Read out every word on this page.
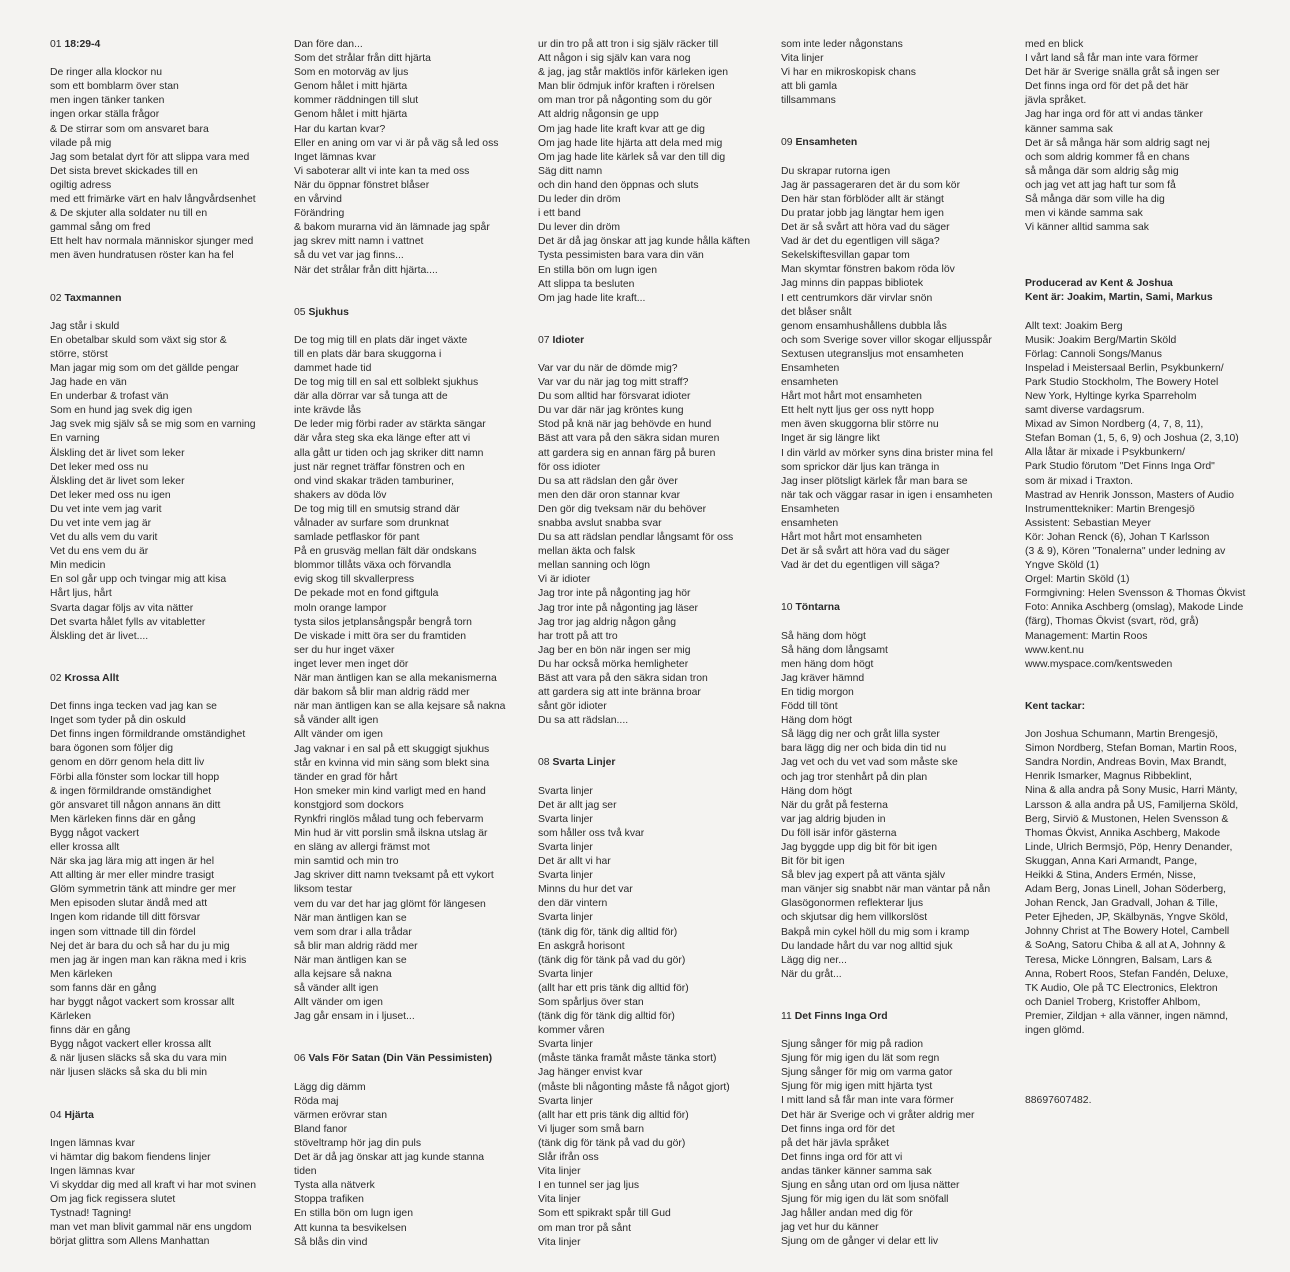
01 18:29-4
De ringer alla klockor nu
som ett bomblarm över stan
men ingen tänker tanken
ingen orkar ställa frågor
& De stirrar som om ansvaret bara
vilade på mig
Jag som betalat dyrt för att slippa vara med
Det sista brevet skickades till en
ogiltig adress
med ett frimärke värt en halv långvårdsenhet
& De skjuter alla soldater nu till en
gammal sång om fred
Ett helt hav normala människor sjunger med
men även hundratusen röster kan ha fel
02 Taxmannen
Jag står i skuld
En obetalbar skuld som växt sig stor &
större, störst
Man jagar mig som om det gällde pengar
Jag hade en vän
En underbar & trofast vän
Som en hund jag svek dig igen
Jag svek mig själv så se mig som en varning
En varning
Älskling det är livet som leker
Det leker med oss nu
Älskling det är livet som leker
Det leker med oss nu igen
Du vet inte vem jag varit
Du vet inte vem jag är
Vet du alls vem du varit
Vet du ens vem du är
Min medicin
En sol går upp och tvingar mig att kisa
Hårt ljus, hårt
Svarta dagar följs av vita nätter
Det svarta hålet fylls av vitabletter
Älskling det är livet....
02 Krossa Allt
Det finns inga tecken vad jag kan se
Inget som tyder på din oskuld
Det finns ingen förmildrande omständighet
bara ögonen som följer dig
genom en dörr genom hela ditt liv
Förbi alla fönster som lockar till hopp
& ingen förmildrande omständighet
gör ansvaret till någon annans än ditt
Men kärleken finns där en gång
Bygg något vackert
eller krossa allt
När ska jag lära mig att ingen är hel
Att allting är mer eller mindre trasigt
Glöm symmetrin tänk att mindre ger mer
Men episoden slutar ändå med att
Ingen kom ridande till ditt försvar
ingen som vittnade till din fördel
Nej det är bara du och så har du ju mig
men jag är ingen man kan räkna med i kris
Men kärleken
som fanns där en gång
har byggt något vackert som krossar allt
Kärleken
finns där en gång
Bygg något vackert eller krossa allt
& när ljusen släcks så ska du vara min
när ljusen släcks så ska du bli min
04 Hjärta
Ingen lämnas kvar
vi hämtar dig bakom fiendens linjer
Ingen lämnas kvar
Vi skyddar dig med all kraft vi har mot svinen
Om jag fick regissera slutet
Tystnad! Tagning!
man vet man blivit gammal när ens ungdom
börjat glittra som Allens Manhattan
Dan före dan...
Som det strålar från ditt hjärta
Som en motorväg av ljus
Genom hålet i mitt hjärta
kommer räddningen till slut
Genom hålet i mitt hjärta
Har du kartan kvar?
Eller en aning om var vi är på väg så led oss
Inget lämnas kvar
Vi saboterar allt vi inte kan ta med oss
När du öppnar fönstret blåser
en vårvind
Förändring
& bakom murarna vid än lämnade jag spår
jag skrev mitt namn i vattnet
så du vet var jag finns...
När det strålar från ditt hjärta....
05 Sjukhus
De tog mig till en plats där inget växte
till en plats där bara skuggorna i
dammet hade tid
De tog mig till en sal ett solblekt sjukhus
där alla dörrar var så tunga att de
inte krävde lås
De leder mig förbi rader av stärkta sängar
där våra steg ska eka länge efter att vi
alla gått ur tiden och jag skriker ditt namn
just när regnet träffar fönstren och en
ond vind skakar träden tamburiner,
shakers av döda löv
De tog mig till en smutsig strand där
vålnader av surfare som drunknat
samlade petflaskor för pant
På en grusväg mellan fält där ondskans
blommor tillåts växa och förvandla
evig skog till skvallerpress
De pekade mot en fond giftgula
moln orange lampor
tysta silos jetplansångspår bengrå torn
De viskade i mitt öra ser du framtiden
ser du hur inget växer
inget lever men inget dör
När man äntligen kan se alla mekanismerna
där bakom så blir man aldrig rädd mer
när man äntligen kan se alla kejsare så nakna
så vänder allt igen
Allt vänder om igen
Jag vaknar i en sal på ett skuggigt sjukhus
står en kvinna vid min säng som blekt sina
tänder en grad för hårt
Hon smeker min kind varligt med en hand
konstgjord som dockors
Rynkfri ringlös målad tung och febervarm
Min hud är vitt porslin små ilskna utslag är
en släng av allergi främst mot
min samtid och min tro
Jag skriver ditt namn tveksamt på ett vykort
liksom testar
vem du var det har jag glömt för längesen
När man äntligen kan se
vem som drar i alla trådar
så blir man aldrig rädd mer
När man äntligen kan se
alla kejsare så nakna
så vänder allt igen
Allt vänder om igen
Jag går ensam in i ljuset...
06 Vals För Satan (Din Vän Pessimisten)
Lägg dig dämm
Röda maj
värmen erövrar stan
Bland fanor
stöveltramp hör jag din puls
Det är då jag önskar att jag kunde stanna
tiden
Tysta alla nätverk
Stoppa trafiken
En stilla bön om lugn igen
Att kunna ta besvikelsen
Så blås din vind
ur din tro på att tron i sig själv räcker till
Att någon i sig själv kan vara nog
& jag, jag står maktlös inför kärleken igen
Man blir ödmjuk inför kraften i rörelsen
om man tror på någonting som du gör
Att aldrig någonsin ge upp
Om jag hade lite kraft kvar att ge dig
Om jag hade lite hjärta att dela med mig
Om jag hade lite kärlek så var den till dig
Säg ditt namn
och din hand den öppnas och sluts
Du leder din dröm
i ett band
Du lever din dröm
Det är då jag önskar att jag kunde hålla käften
Tysta pessimisten bara vara din vän
En stilla bön om lugn igen
Att slippa ta besluten
Om jag hade lite kraft...
07 Idioter
Var var du när de dömde mig?
Var var du när jag tog mitt straff?
Du som alltid har försvarat idioter
Du var där när jag kröntes kung
Stod på knä när jag behövde en hund
Bäst att vara på den säkra sidan muren
att gardera sig en annan färg på buren
för oss idioter
Du sa att rädslan den går över
men den där oron stannar kvar
Den gör dig tveksam när du behöver
snabba avslut snabba svar
Du sa att rädslan pendlar långsamt för oss
mellan äkta och falsk
mellan sanning och lögn
Vi är idioter
Jag tror inte på någonting jag hör
Jag tror inte på någonting jag läser
Jag tror jag aldrig någon gång
har trott på att tro
Jag ber en bön när ingen ser mig
Du har också mörka hemligheter
Bäst att vara på den säkra sidan tron
att gardera sig att inte bränna broar
sånt gör idioter
Du sa att rädslan....
08 Svarta Linjer
Svarta linjer
Det är allt jag ser
Svarta linjer
som håller oss två kvar
Svarta linjer
Det är allt vi har
Svarta linjer
Minns du hur det var
den där vintern
Svarta linjer
(tänk dig för, tänk dig alltid för)
En askgrå horisont
(tänk dig för tänk på vad du gör)
Svarta linjer
(allt har ett pris tänk dig alltid för)
Som spårljus över stan
(tänk dig för tänk dig alltid för)
kommer våren
Svarta linjer
(måste tänka framåt måste tänka stort)
Jag hänger envist kvar
(måste bli någonting måste få något gjort)
Svarta linjer
(allt har ett pris tänk dig alltid för)
Vi ljuger som små barn
(tänk dig för tänk på vad du gör)
Slår ifrån oss
Vita linjer
I en tunnel ser jag ljus
Vita linjer
Som ett spikrakt spår till Gud
om man tror på sånt
Vita linjer
som inte leder någonstans
Vita linjer
Vi har en mikroskopisk chans
att bli gamla
tillsammans
09 Ensamheten
Du skrapar rutorna igen
Jag är passageraren det är du som kör
Den här stan förblöder allt är stängt
Du pratar jobb jag längtar hem igen
Det är så svårt att höra vad du säger
Vad är det du egentligen vill säga?
Sekelskiftesvillan gapar tom
Man skymtar fönstren bakom röda löv
Jag minns din pappas bibliotek
I ett centrumkors där virvlar snön
det blåser snålt
genom ensamhushållens dubbla lås
och som Sverige sover villor skogar elljusspår
Sextusen utegransljus mot ensamheten
Ensamheten
ensamheten
Hårt mot hårt mot ensamheten
Ett helt nytt ljus ger oss nytt hopp
men även skuggorna blir större nu
Inget är sig längre likt
I din värld av mörker syns dina brister mina fel
som sprickor där ljus kan tränga in
Jag inser plötsligt kärlek får man bara se
när tak och väggar rasar in igen i ensamheten
Ensamheten
ensamheten
Hårt mot hårt mot ensamheten
Det är så svårt att höra vad du säger
Vad är det du egentligen vill säga?
10 Töntarna
Så häng dom högt
Så häng dom långsamt
men häng dom högt
Jag kräver hämnd
En tidig morgon
Född till tönt
Häng dom högt
Så lägg dig ner och gråt lilla syster
bara lägg dig ner och bida din tid nu
Jag vet och du vet vad som måste ske
och jag tror stenhårt på din plan
Häng dom högt
När du gråt på festerna
var jag aldrig bjuden in
Du föll isär inför gästerna
Jag byggde upp dig bit för bit igen
Bit för bit igen
Så blev jag expert på att vänta själv
man vänjer sig snabbt när man väntar på nån
Glasögonormen reflekterar ljus
och skjutsar dig hem villkorslöst
Bakpå min cykel höll du mig som i kramp
Du landade hårt du var nog alltid sjuk
Lägg dig ner...
När du gråt...
11 Det Finns Inga Ord
Sjung sånger för mig på radion
Sjung för mig igen du lät som regn
Sjung sånger för mig om varma gator
Sjung för mig igen mitt hjärta tyst
I mitt land så får man inte vara förmer
Det här är Sverige och vi gråter aldrig mer
Det finns inga ord för det
på det här jävla språket
Det finns inga ord för att vi
andas tänker känner samma sak
Sjung en sång utan ord om ljusa nätter
Sjung för mig igen du lät som snöfall
Jag håller andan med dig för
jag vet hur du känner
Sjung om de gånger vi delar ett liv
med en blick
I vårt land så får man inte vara förmer
Det här är Sverige snälla gråt så ingen ser
Det finns inga ord för det på det här
jävla språket.
Jag har inga ord för att vi andas tänker
känner samma sak
Det är så många här som aldrig sagt nej
och som aldrig kommer få en chans
så många där som aldrig såg mig
och jag vet att jag haft tur som få
Så många där som ville ha dig
men vi kände samma sak
Vi känner alltid samma sak
Producerad av Kent & Joshua
Kent är: Joakim, Martin, Sami, Markus
Allt text: Joakim Berg
Musik: Joakim Berg/Martin Sköld
Förlag: Cannoli Songs/Manus
Inspelad i Meistersaal Berlin, Psykbunkern/
Park Studio Stockholm, The Bowery Hotel
New York, Hyltinge kyrka Sparreholm
samt diverse vardagsrum.
Mixad av Simon Nordberg (4, 7, 8, 11),
Stefan Boman (1, 5, 6, 9) och Joshua (2, 3,10)
Alla låtar är mixade i Psykbunkern/
Park Studio förutom "Det Finns Inga Ord"
som är mixad i Traxton.
Mastrad av Henrik Jonsson, Masters of Audio
Instrumenttekniker: Martin Brengesjö
Assistent: Sebastian Meyer
Kör: Johan Renck (6), Johan T Karlsson
(3 & 9), Kören "Tonalerna" under ledning av
Yngve Sköld (1)
Orgel: Martin Sköld (1)
Formgivning: Helen Svensson & Thomas Ökvist
Foto: Annika Aschberg (omslag), Makode Linde
(färg), Thomas Ökvist (svart, röd, grå)
Management: Martin Roos
www.kent.nu
www.myspace.com/kentsweden
Kent tackar:
Jon Joshua Schumann, Martin Brengesjö,
Simon Nordberg, Stefan Boman, Martin Roos,
Sandra Nordin, Andreas Bovin, Max Brandt,
Henrik Ismarker, Magnus Ribbeklint,
Nina & alla andra på Sony Music, Harri Mänty,
Larsson & alla andra på US, Familjerna Sköld,
Berg, Sirviö & Mustonen, Helen Svensson &
Thomas Ökvist, Annika Aschberg, Makode
Linde, Ulrich Bermsjö, Pöp, Henry Denander,
Skuggan, Anna Kari Armandt, Pange,
Heikki & Stina, Anders Ermén, Nisse,
Adam Berg, Jonas Linell, Johan Söderberg,
Johan Renck, Jan Gradvall, Johan & Tille,
Peter Ejheden, JP, Skälbynäs, Yngve Sköld,
Johnny Christ at The Bowery Hotel, Cambell
& SoAng, Satoru Chiba & all at A, Johnny &
Teresa, Micke Lönngren, Balsam, Lars &
Anna, Robert Roos, Stefan Fandén, Deluxe,
TK Audio, Ole på TC Electronics, Elektron
och Daniel Troberg, Kristoffer Ahlbom,
Premier, Zildjan + alla vänner, ingen nämnd,
ingen glömd.
88697607482.
